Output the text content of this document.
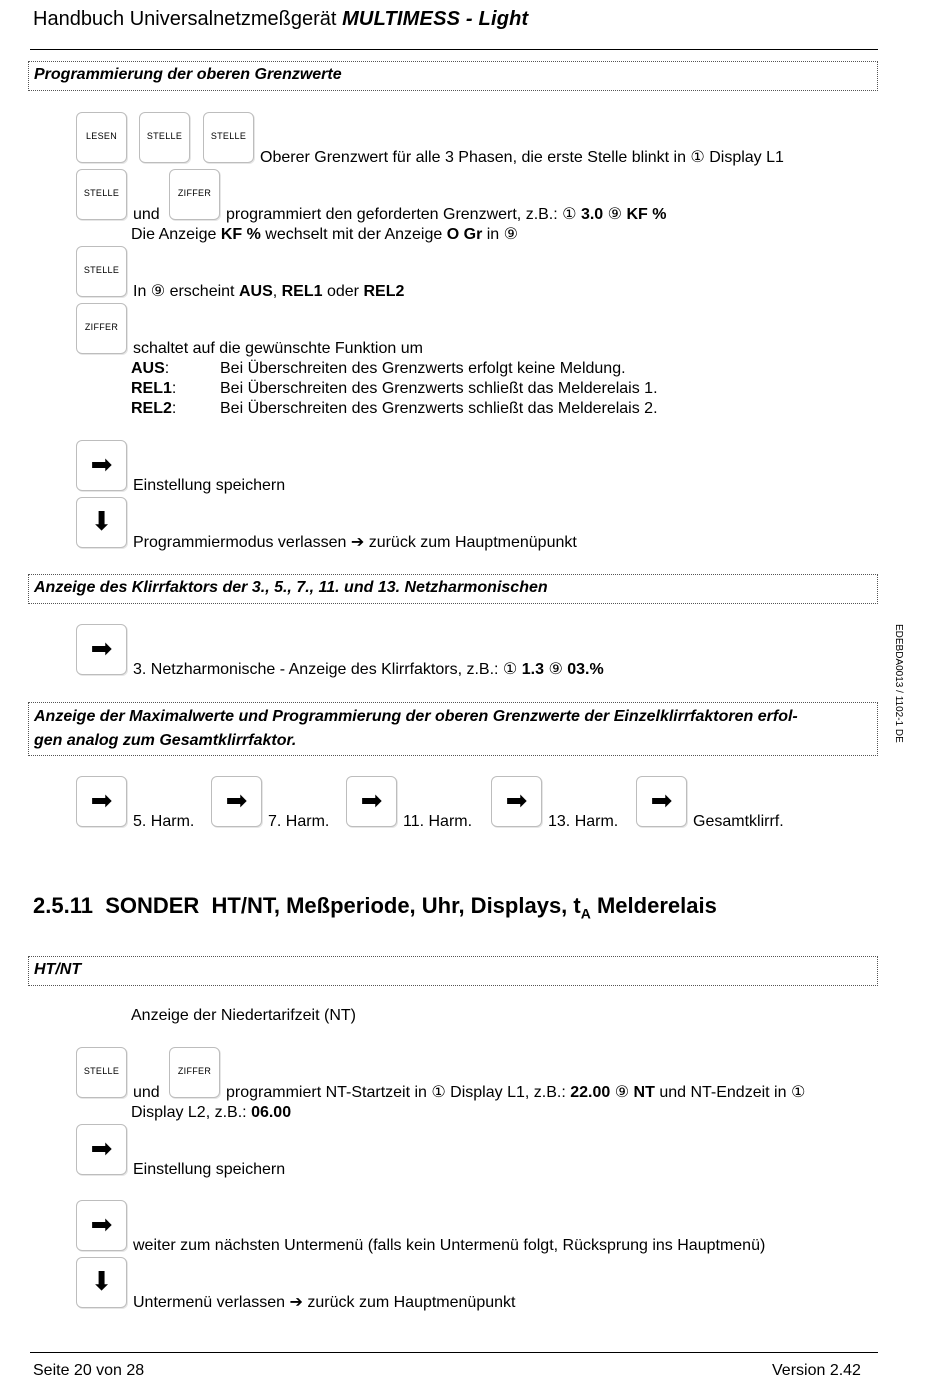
Handbuch Universalnetzmeßgerät MULTIMESS - Light
Programmierung der oberen Grenzwerte
LESEN	STELLE	STELLE
Oberer Grenzwert für alle 3 Phasen, die erste Stelle blinkt in ① Display L1
STELLE
und
ZIFFER
programmiert den geforderten Grenzwert, z.B.: ① 3.0 ⑨ KF %
Die Anzeige KF % wechselt mit der Anzeige O Gr in ⑨
STELLE
In ⑨ erscheint AUS, REL1 oder REL2
ZIFFER
schaltet auf die gewünschte Funktion um
AUS:	Bei Überschreiten des Grenzwerts erfolgt keine Meldung.
REL1:	Bei Überschreiten des Grenzwerts schließt das Melderelais 1.
REL2:	Bei Überschreiten des Grenzwerts schließt das Melderelais 2.
➡
Einstellung speichern
⬇
Programmiermodus verlassen ➔ zurück zum Hauptmenüpunkt
Anzeige des Klirrfaktors der 3., 5., 7., 11. und 13. Netzharmonischen
➡
3. Netzharmonische - Anzeige des Klirrfaktors, z.B.: ① 1.3 ⑨ 03.%
Anzeige der Maximalwerte und Programmierung der oberen Grenzwerte der Einzelklirrfaktoren erfol-
gen analog zum Gesamtklirrfaktor.
➡
5. Harm.
➡
7. Harm.
➡
11. Harm.
➡
13. Harm.
➡
Gesamtklirrf.
2.5.11 SONDER HT/NT, Meßperiode, Uhr, Displays, $t_A$ Melderelais
HT/NT
Anzeige der Niedertarifzeit (NT)
STELLE
und
ZIFFER
programmiert NT-Startzeit in ① Display L1, z.B.: 22.00 ⑨ NT und NT-Endzeit in ①
Display L2, z.B.: 06.00
➡
Einstellung speichern
➡
weiter zum nächsten Untermenü (falls kein Untermenü folgt, Rücksprung ins Hauptmenü)
⬇
Untermenü verlassen ➔ zurück zum Hauptmenüpunkt
EDEBDA0013 / 1102-1 DE
Seite 20 von 28	Version 2.42
